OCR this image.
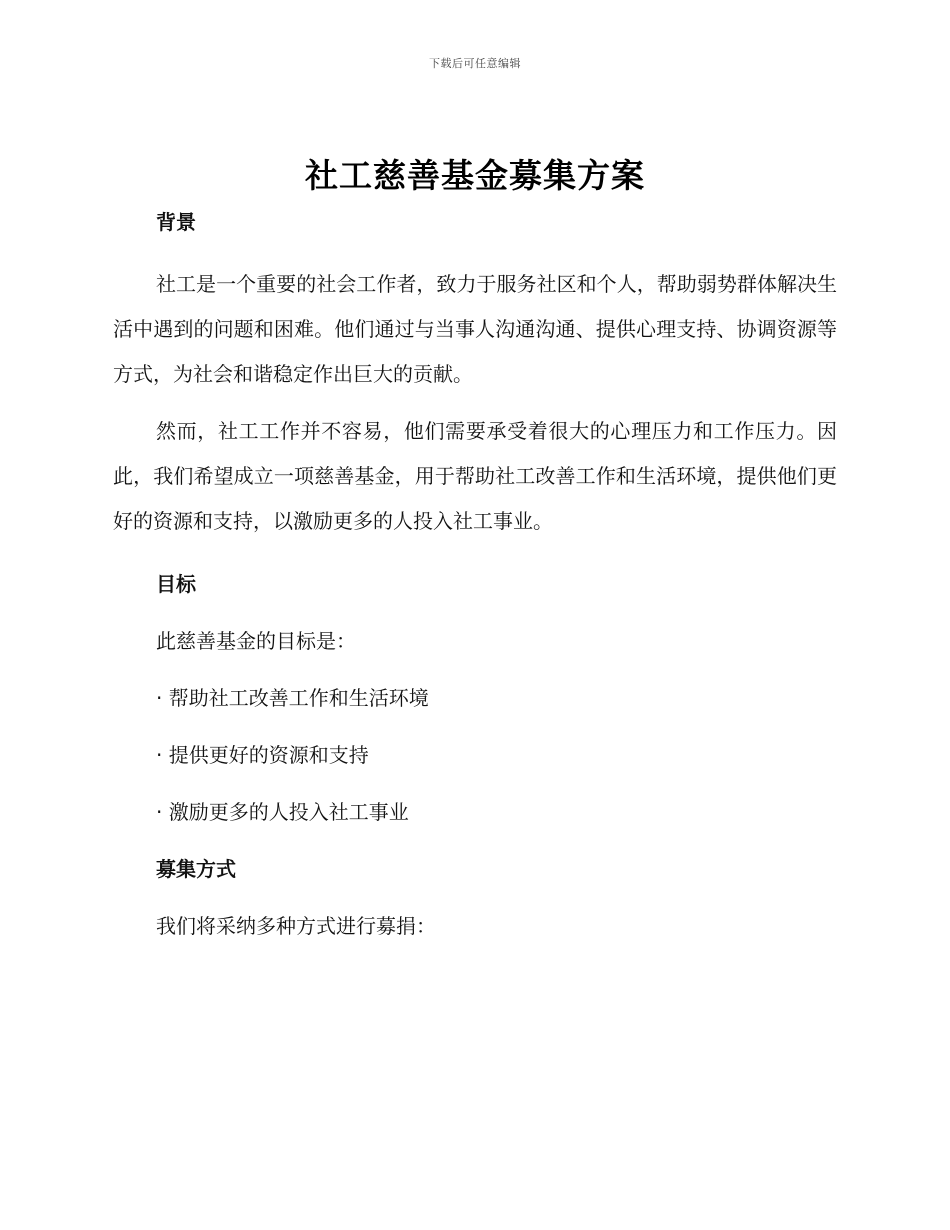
下载后可任意编辑
社工慈善基金募集方案
背景

社工是一个重要的社会工作者，致力于服务社区和个人，帮助弱势群体解决生活中遇到的问题和困难。他们通过与当事人沟通沟通、提供心理支持、协调资源等方式，为社会和谐稳定作出巨大的贡献。

然而，社工工作并不容易，他们需要承受着很大的心理压力和工作压力。因此，我们希望成立一项慈善基金，用于帮助社工改善工作和生活环境，提供他们更好的资源和支持，以激励更多的人投入社工事业。

目标

此慈善基金的目标是：

· 帮助社工改善工作和生活环境

· 提供更好的资源和支持

· 激励更多的人投入社工事业

募集方式

我们将采纳多种方式进行募捐：
